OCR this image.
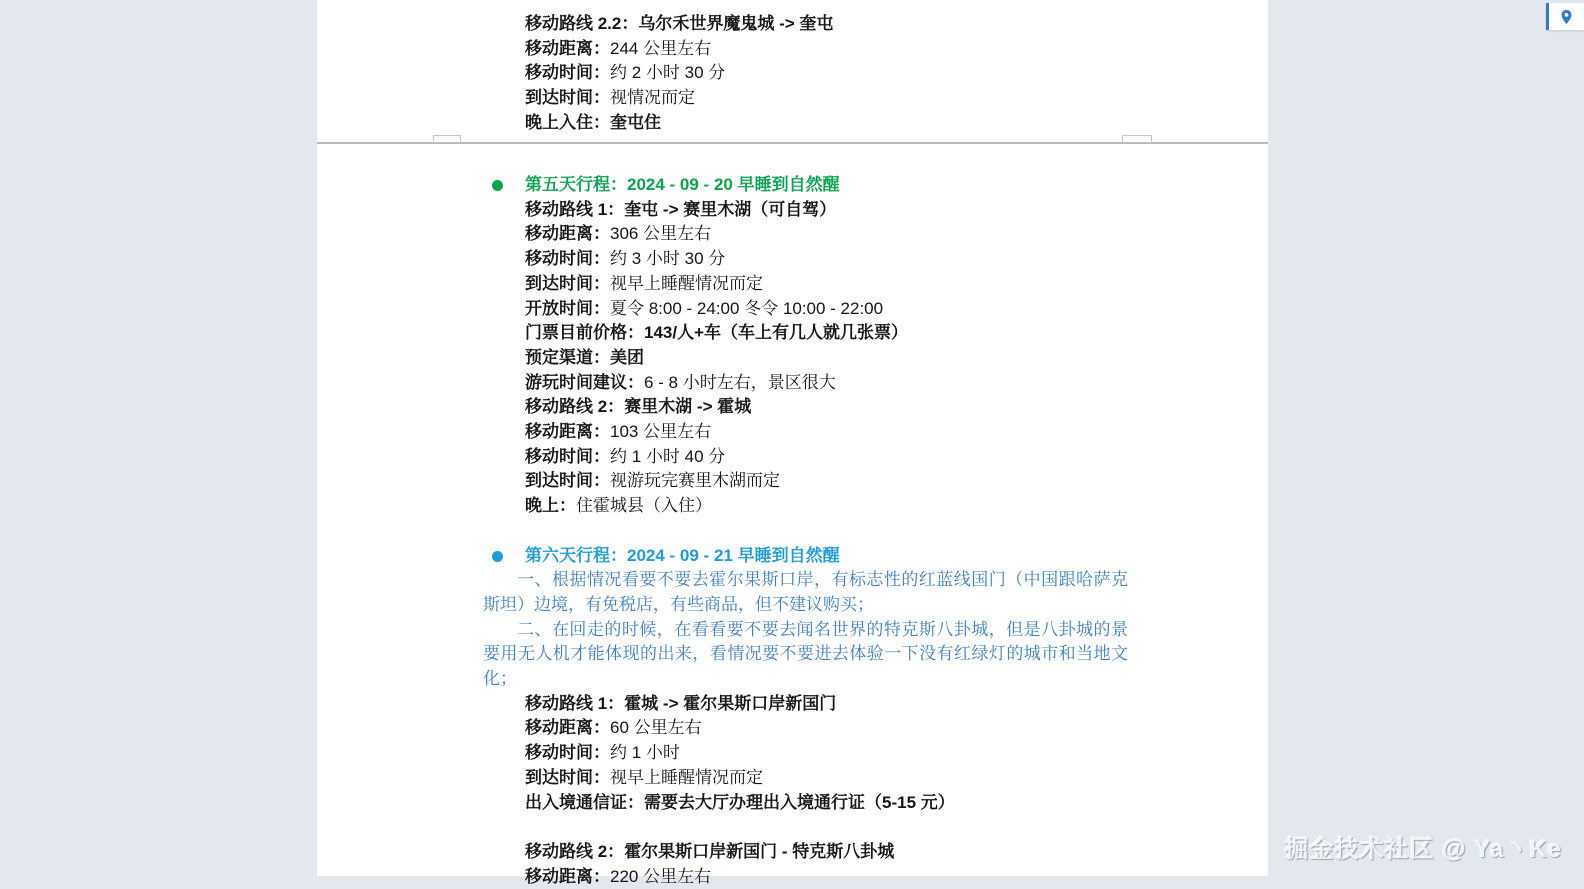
移动路线 2.2：乌尔禾世界魔鬼城 -> 奎屯
移动距离：244 公里左右
移动时间：约 2 小时 30 分
到达时间：视情况而定
晚上入住：奎屯住
第五天行程：2024 - 09 - 20 早睡到自然醒
移动路线 1：奎屯 -> 赛里木湖（可自驾）
移动距离：306 公里左右
移动时间：约 3 小时 30 分
到达时间：视早上睡醒情况而定
开放时间：夏令 8:00 - 24:00 冬令 10:00 - 22:00
门票目前价格：143/人+车（车上有几人就几张票）
预定渠道：美团
游玩时间建议：6 - 8 小时左右，景区很大
移动路线 2：赛里木湖 -> 霍城
移动距离：103 公里左右
移动时间：约 1 小时 40 分
到达时间：视游玩完赛里木湖而定
晚上：住霍城县（入住）
第六天行程：2024 - 09 - 21 早睡到自然醒
一、根据情况看要不要去霍尔果斯口岸，有标志性的红蓝线国门（中国跟哈萨克斯坦）边境，有免税店，有些商品，但不建议购买；
二、在回走的时候，在看看要不要去闻名世界的特克斯八卦城，但是八卦城的景要用无人机才能体现的出来，看情况要不要进去体验一下没有红绿灯的城市和当地文化；
移动路线 1：霍城 -> 霍尔果斯口岸新国门
移动距离：60 公里左右
移动时间：约 1 小时
到达时间：视早上睡醒情况而定
出入境通信证：需要去大厅办理出入境通行证（5-15 元）
移动路线 2：霍尔果斯口岸新国门 - 特克斯八卦城
移动距离：220 公里左右
掘金技术社区 @ Ya丶Ke
